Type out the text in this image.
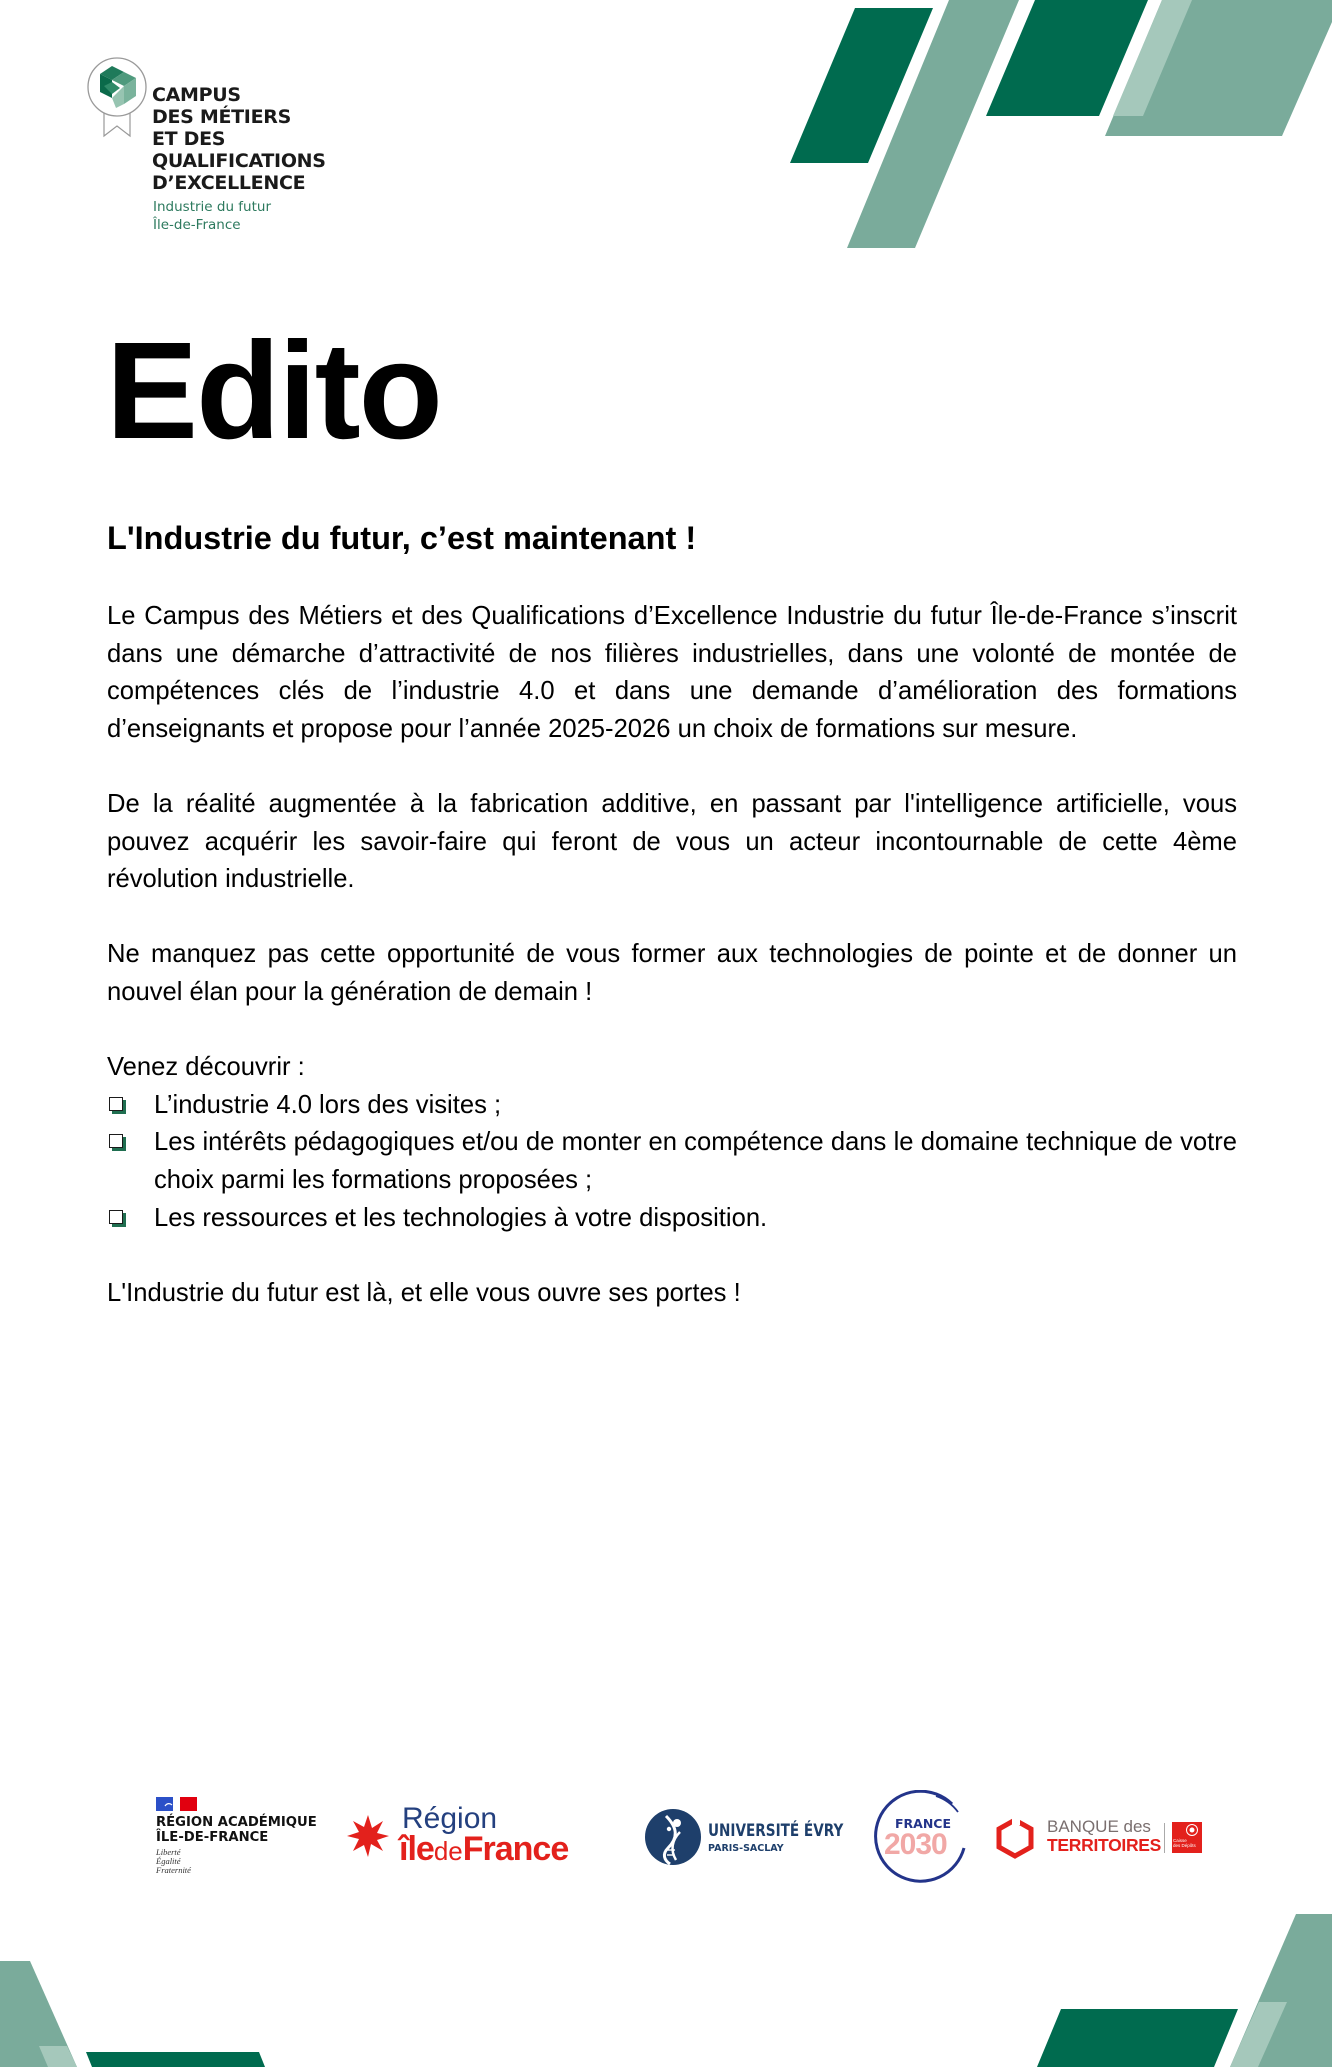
CAMPUS
DES MÉTIERS
ET DES
QUALIFICATIONS
D’EXCELLENCE
Industrie du futur
Île-de-France
Edito
L'Industrie du futur, c’est maintenant !

Le Campus des Métiers et des Qualifications d’Excellence Industrie du futur Île-de-France s’inscrit dans une démarche d’attractivité de nos filières industrielles, dans une volonté de montée de compétences clés de l’industrie 4.0 et dans une demande d’amélioration des formations d’enseignants et propose pour l’année 2025-2026 un choix de formations sur mesure.

De la réalité augmentée à la fabrication additive, en passant par l'intelligence artificielle, vous pouvez acquérir les savoir-faire qui feront de vous un acteur incontournable de cette 4ème révolution industrielle.

Ne manquez pas cette opportunité de vous former aux technologies de pointe et de donner un nouvel élan pour la génération de demain !

Venez découvrir :

L’industrie 4.0 lors des visites ;
Les intérêts pédagogiques et/ou de monter en compétence dans le domaine technique de votre choix parmi les formations proposées ;
Les ressources et les technologies à votre disposition.

L'Industrie du futur est là, et elle vous ouvre ses portes !

RÉGION ACADÉMIQUE
ÎLE-DE-FRANCE
Liberté
Égalité
Fraternité
Région
îledeFrance	UNIVERSITÉ ÉVRY
PARIS-SACLAY
FRANCE
2030
BANQUE des
TERRITOIRES	Caisse
des Dépôts
